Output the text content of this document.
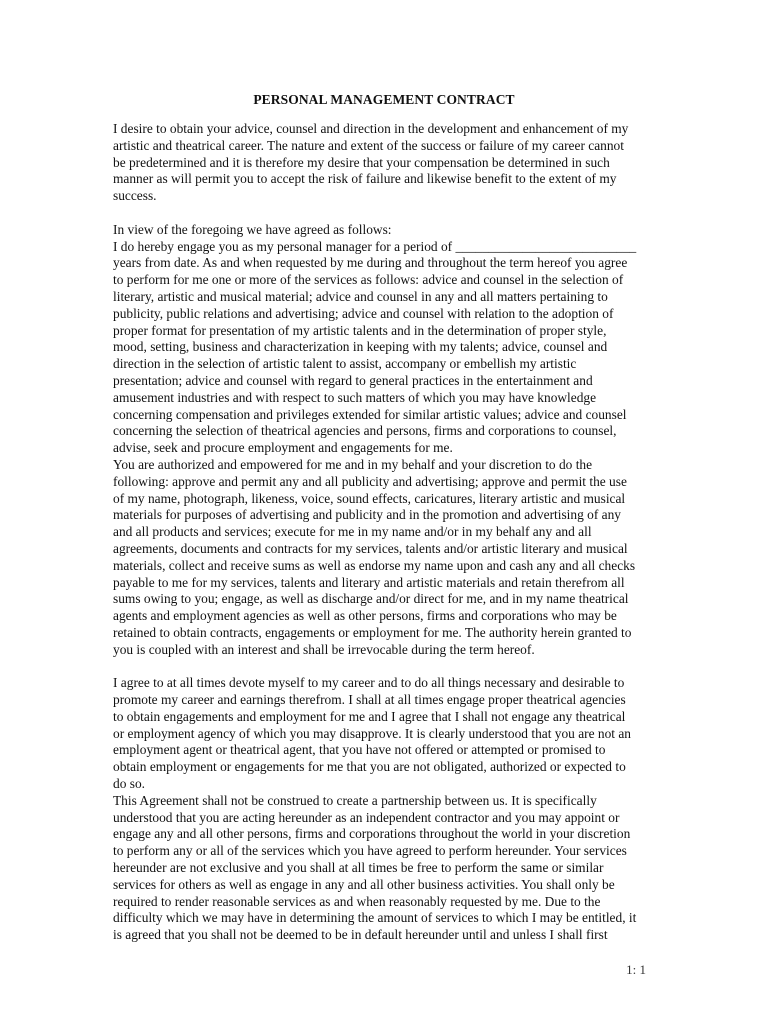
PERSONAL MANAGEMENT CONTRACT
I desire to obtain your advice, counsel and direction in the development and enhancement of my
artistic and theatrical career. The nature and extent of the success or failure of my career cannot
be predetermined and it is therefore my desire that your compensation be determined in such
manner as will permit you to accept the risk of failure and likewise benefit to the extent of my
success.
In view of the foregoing we have agreed as follows:
I do hereby engage you as my personal manager for a period of ___________________________
years from date. As and when requested by me during and throughout the term hereof you agree
to perform for me one or more of the services as follows: advice and counsel in the selection of
literary, artistic and musical material; advice and counsel in any and all matters pertaining to
publicity, public relations and advertising; advice and counsel with relation to the adoption of
proper format for presentation of my artistic talents and in the determination of proper style,
mood, setting, business and characterization in keeping with my talents; advice, counsel and
direction in the selection of artistic talent to assist, accompany or embellish my artistic
presentation; advice and counsel with regard to general practices in the entertainment and
amusement industries and with respect to such matters of which you may have knowledge
concerning compensation and privileges extended for similar artistic values; advice and counsel
concerning the selection of theatrical agencies and persons, firms and corporations to counsel,
advise, seek and procure employment and engagements for me.
You are authorized and empowered for me and in my behalf and your discretion to do the
following: approve and permit any and all publicity and advertising; approve and permit the use
of my name, photograph, likeness, voice, sound effects, caricatures, literary artistic and musical
materials for purposes of advertising and publicity and in the promotion and advertising of any
and all products and services; execute for me in my name and/or in my behalf any and all
agreements, documents and contracts for my services, talents and/or artistic literary and musical
materials, collect and receive sums as well as endorse my name upon and cash any and all checks
payable to me for my services, talents and literary and artistic materials and retain therefrom all
sums owing to you; engage, as well as discharge and/or direct for me, and in my name theatrical
agents and employment agencies as well as other persons, firms and corporations who may be
retained to obtain contracts, engagements or employment for me. The authority herein granted to
you is coupled with an interest and shall be irrevocable during the term hereof.
I agree to at all times devote myself to my career and to do all things necessary and desirable to
promote my career and earnings therefrom. I shall at all times engage proper theatrical agencies
to obtain engagements and employment for me and I agree that I shall not engage any theatrical
or employment agency of which you may disapprove. It is clearly understood that you are not an
employment agent or theatrical agent, that you have not offered or attempted or promised to
obtain employment or engagements for me that you are not obligated, authorized or expected to
do so.
This Agreement shall not be construed to create a partnership between us. It is specifically
understood that you are acting hereunder as an independent contractor and you may appoint or
engage any and all other persons, firms and corporations throughout the world in your discretion
to perform any or all of the services which you have agreed to perform hereunder. Your services
hereunder are not exclusive and you shall at all times be free to perform the same or similar
services for others as well as engage in any and all other business activities. You shall only be
required to render reasonable services as and when reasonably requested by me. Due to the
difficulty which we may have in determining the amount of services to which I may be entitled, it
is agreed that you shall not be deemed to be in default hereunder until and unless I shall first
1: 1
